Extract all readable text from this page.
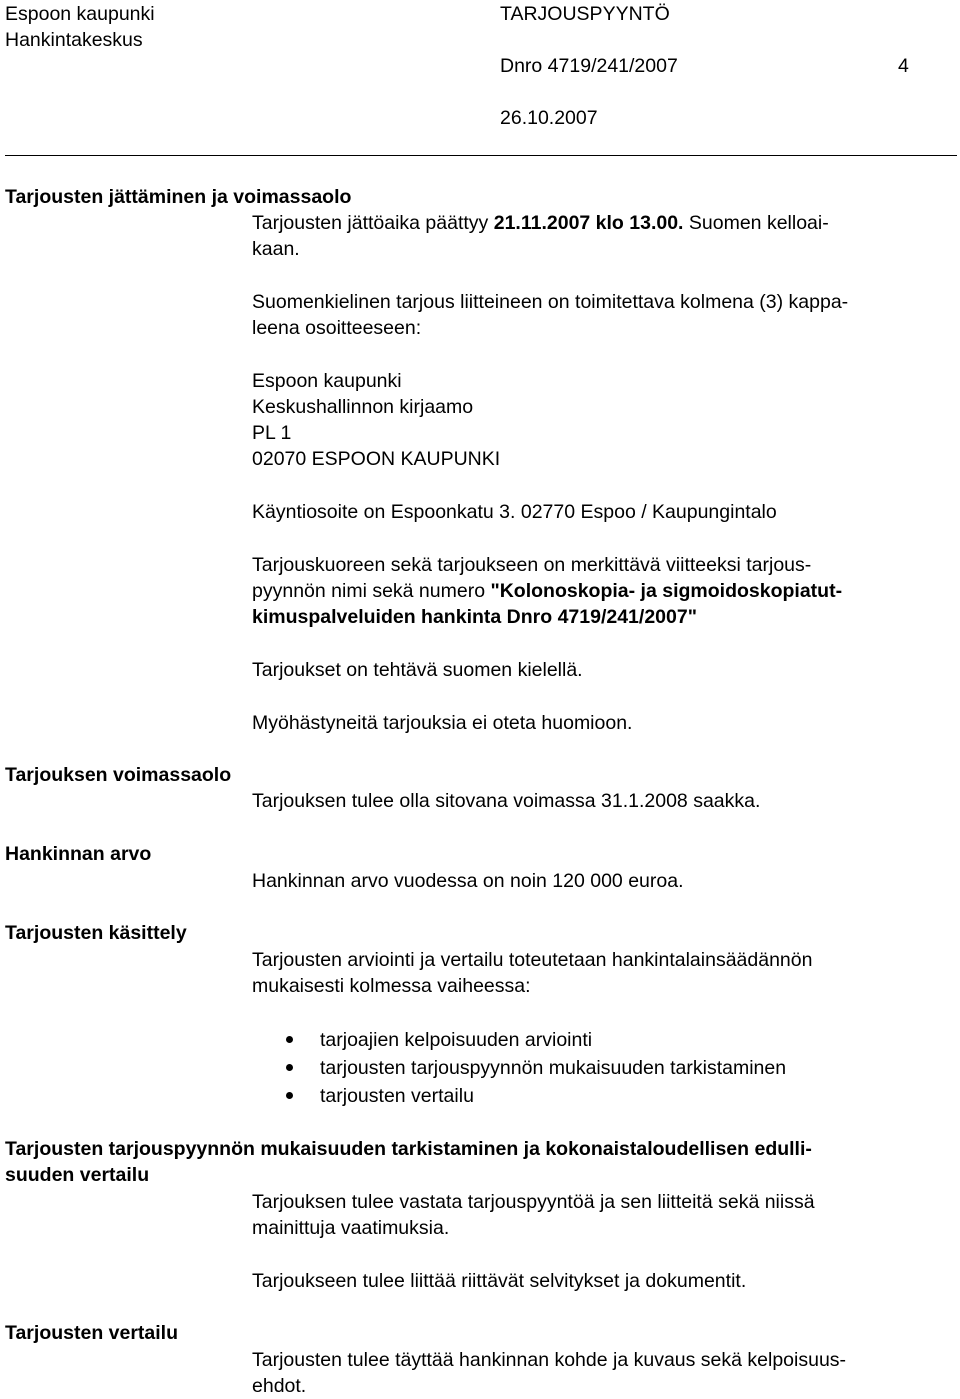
Espoon kaupunki
Hankintakeskus
TARJOUSPYYNTÖ
Dnro 4719/241/2007	4
26.10.2007
Tarjousten jättäminen ja voimassaolo
Tarjousten jättöaika päättyy 21.11.2007 klo 13.00. Suomen kelloai-
kaan.
Suomenkielinen tarjous liitteineen on toimitettava kolmena (3) kappa-
leena osoitteeseen:
Espoon kaupunki
Keskushallinnon kirjaamo
PL 1
02070 ESPOON KAUPUNKI
Käyntiosoite on Espoonkatu 3. 02770 Espoo / Kaupungintalo
Tarjouskuoreen sekä tarjoukseen on merkittävä viitteeksi tarjous-
pyynnön nimi sekä numero "Kolonoskopia- ja sigmoidoskopiatut-
kimuspalveluiden hankinta Dnro 4719/241/2007"
Tarjoukset on tehtävä suomen kielellä.
Myöhästyneitä tarjouksia ei oteta huomioon.
Tarjouksen voimassaolo
Tarjouksen tulee olla sitovana voimassa 31.1.2008 saakka.
Hankinnan arvo
Hankinnan arvo vuodessa on noin 120 000 euroa.
Tarjousten käsittely
Tarjousten arviointi ja vertailu toteutetaan hankintalainsäädännön
mukaisesti kolmessa vaiheessa:
tarjoajien kelpoisuuden arviointi
tarjousten tarjouspyynnön mukaisuuden tarkistaminen
tarjousten vertailu
Tarjousten tarjouspyynnön mukaisuuden tarkistaminen ja kokonaistaloudellisen edulli-
suuden vertailu
Tarjouksen tulee vastata tarjouspyyntöä ja sen liitteitä sekä niissä
mainittuja vaatimuksia.
Tarjoukseen tulee liittää riittävät selvitykset ja dokumentit.
Tarjousten vertailu
Tarjousten tulee täyttää hankinnan kohde ja kuvaus sekä kelpoisuus-
ehdot.
